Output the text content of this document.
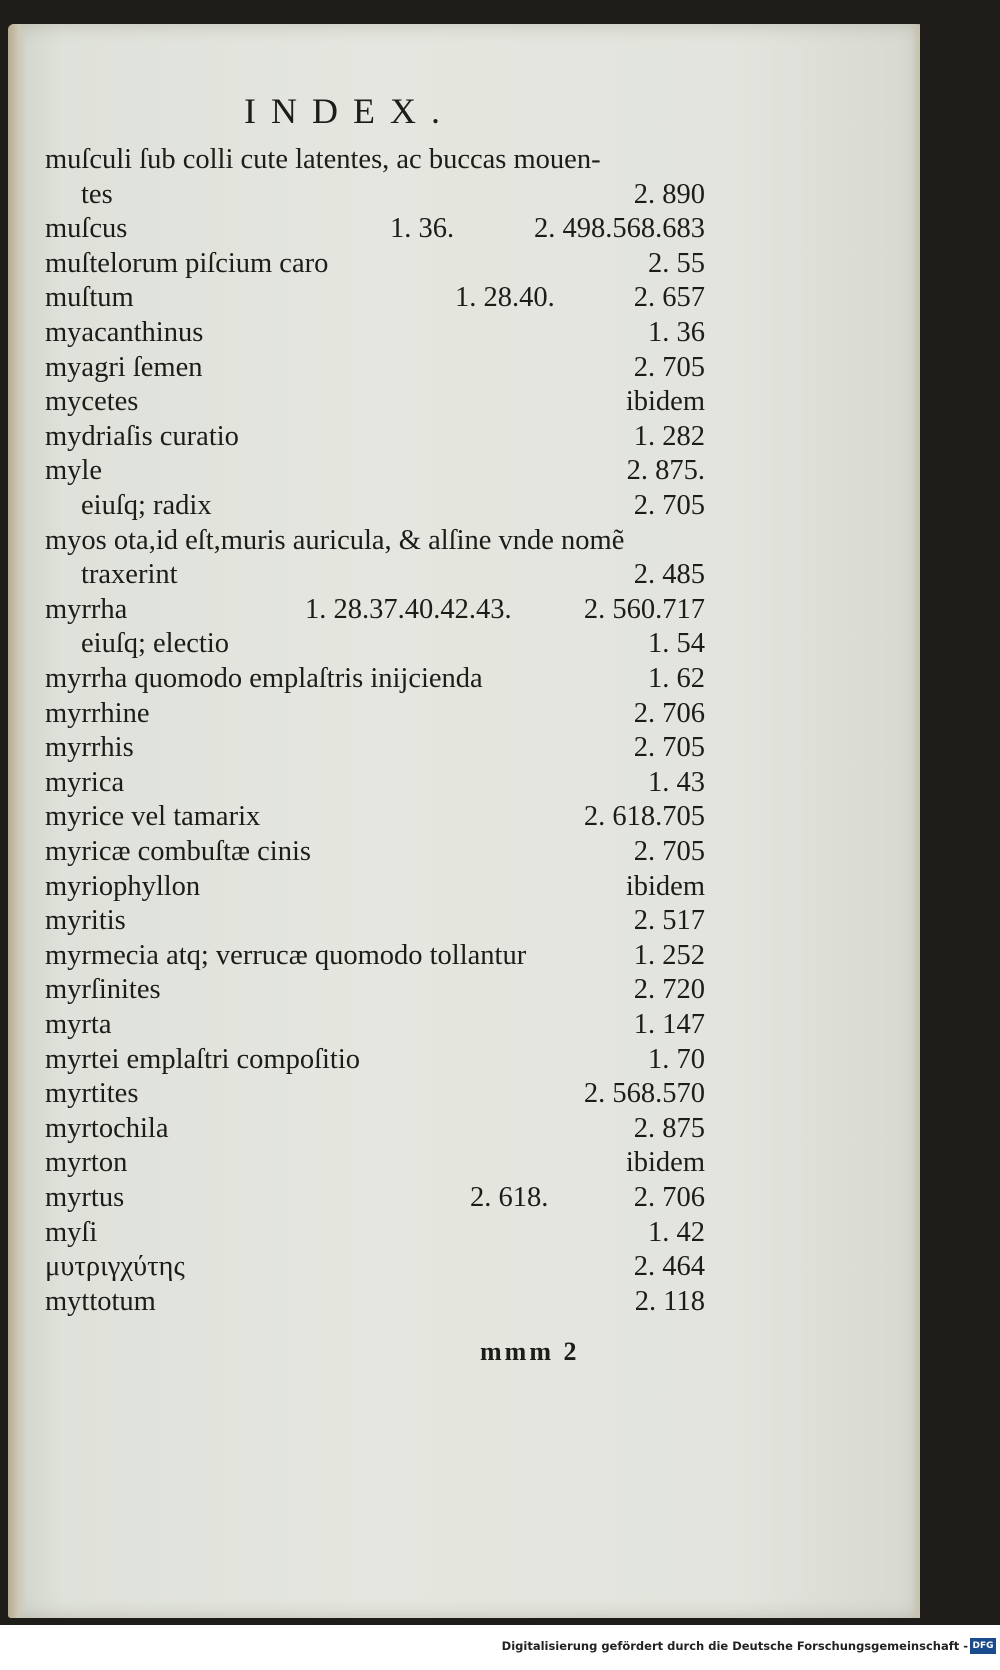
INDEX.
muſculi ſub colli cute latentes, ac buccas mouen-
tes	2. 890
muſcus	1. 36.	2. 498.568.683
muſtelorum piſcium caro	2. 55
muſtum	1. 28.40.	2. 657
myacanthinus	1. 36
myagri ſemen	2. 705
mycetes	ibidem
mydriaſis curatio	1. 282
myle	2. 875.
eiuſq; radix	2. 705
myos ota,id eſt,muris auricula, & alſine vnde nomẽ
traxerint	2. 485
myrrha	1. 28.37.40.42.43.	2. 560.717
eiuſq; electio	1. 54
myrrha quomodo emplaſtris inijcienda	1. 62
myrrhine	2. 706
myrrhis	2. 705
myrica	1. 43
myrice vel tamarix	2. 618.705
myricæ combuſtæ cinis	2. 705
myriophyllon	ibidem
myritis	2. 517
myrmecia atq; verrucæ quomodo tollantur	1. 252
myrſinites	2. 720
myrta	1. 147
myrtei emplaſtri compoſitio	1. 70
myrtites	2. 568.570
myrtochila	2. 875
myrton	ibidem
myrtus	2. 618.	2. 706
myſi	1. 42
μυτριγχύτης	2. 464
myttotum	2. 118
mmm 2
Digitalisierung gefördert durch die Deutsche Forschungsgemeinschaft - DFG
